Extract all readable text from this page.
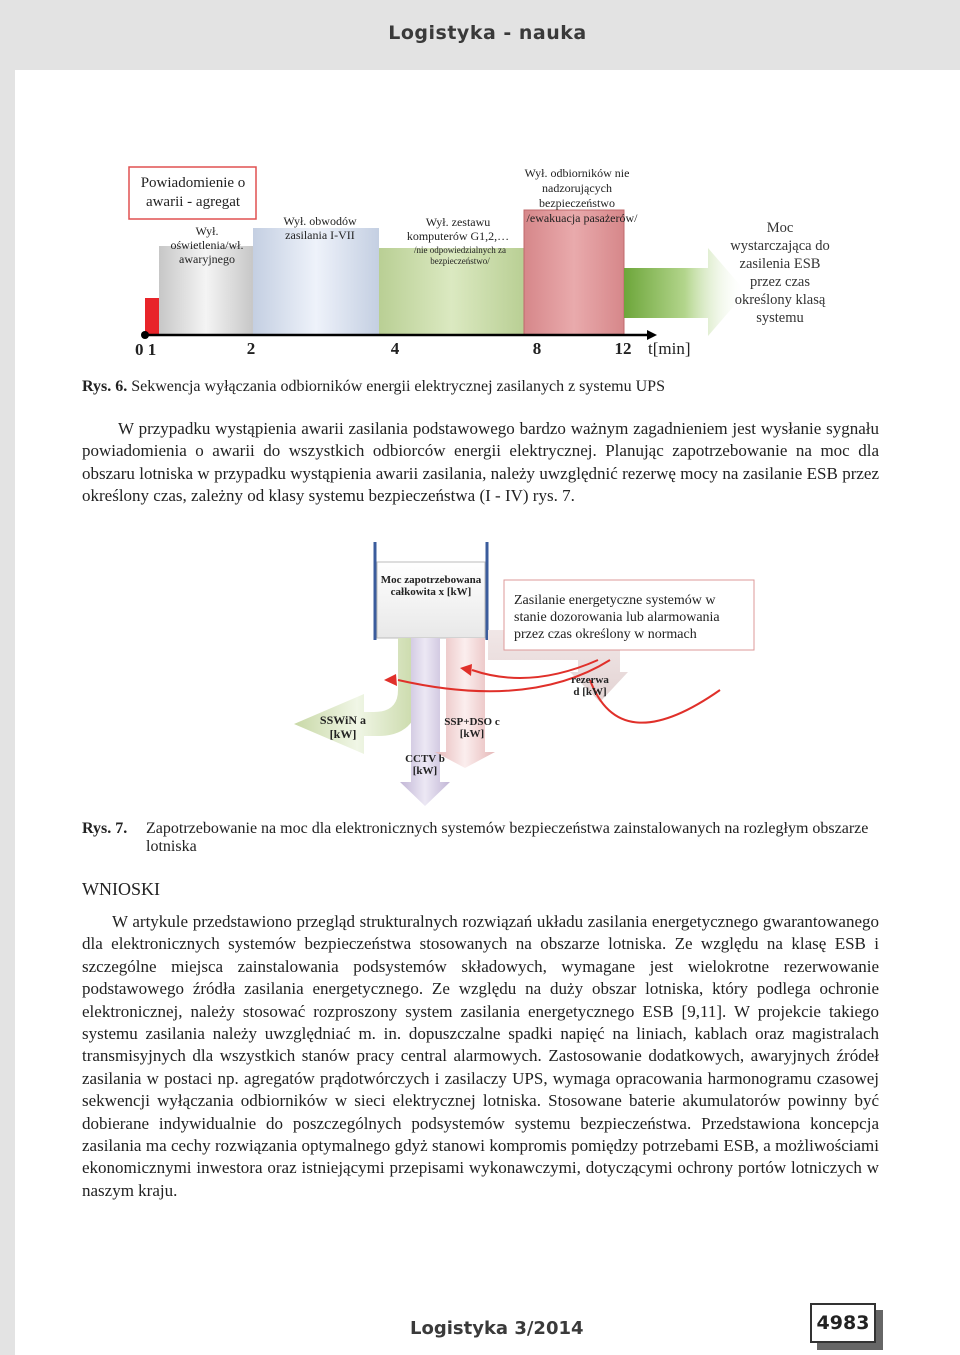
Logistyka - nauka
Powiadomienie o awarii - agregat
Wył. oświetlenia/wł. awaryjnego
Wył. obwodów zasilania I-VII
Wył. zestawu komputerów G1,2,…
/nie odpowiedzialnych za bezpieczeństwo/
Wył. odbiorników nie nadzorujących bezpieczeństwo
/ewakuacja pasażerów/
Moc wystarczająca do zasilenia ESB przez czas określony klasą systemu
0 1	2	4	8	12 t[min]
Rys. 6. Sekwencja wyłączania odbiorników energii elektrycznej zasilanych z systemu UPS
W przypadku wystąpienia awarii zasilania podstawowego bardzo ważnym zagadnieniem jest wysłanie sygnału powiadomienia o awarii do wszystkich odbiorców energii elektrycznej. Planując zapotrzebowanie na moc dla obszaru lotniska w przypadku wystąpienia awarii zasilania, należy uwzględnić rezerwę mocy na zasilanie ESB przez określony czas, zależny od klasy systemu bezpieczeństwa (I - IV) rys. 7.
Moc zapotrzebowana całkowita x [kW]
Zasilanie energetyczne systemów w stanie dozorowania lub alarmowania przez czas określony w normach
rezerwa d [kW]
SSWiN a [kW]
CCTV b [kW]
SSP+DSO c [kW]
Rys. 7. Zapotrzebowanie na moc dla elektronicznych systemów bezpieczeństwa zainstalowanych na rozległym obszarze lotniska
WNIOSKI
W artykule przedstawiono przegląd strukturalnych rozwiązań układu zasilania energetycznego gwarantowanego dla elektronicznych systemów bezpieczeństwa stosowanych na obszarze lotniska. Ze względu na klasę ESB i szczególne miejsca zainstalowania podsystemów składowych, wymagane jest wielokrotne rezerwowanie podstawowego źródła zasilania energetycznego. Ze względu na duży obszar lotniska, który podlega ochronie elektronicznej, należy stosować rozproszony system zasilania energetycznego ESB [9,11]. W projekcie takiego systemu zasilania należy uwzględniać m. in. dopuszczalne spadki napięć na liniach, kablach oraz magistralach transmisyjnych dla wszystkich stanów pracy central alarmowych. Zastosowanie dodatkowych, awaryjnych źródeł zasilania w postaci np. agregatów prądotwórczych i zasilaczy UPS, wymaga opracowania harmonogramu czasowej sekwencji wyłączania odbiorników w sieci elektrycznej lotniska. Stosowane baterie akumulatorów powinny być dobierane indywidualnie do poszczególnych podsystemów systemu bezpieczeństwa. Przedstawiona koncepcja zasilania ma cechy rozwiązania optymalnego gdyż stanowi kompromis pomiędzy potrzebami ESB, a możliwościami ekonomicznymi inwestora oraz istniejącymi przepisami wykonawczymi, dotyczącymi ochrony portów lotniczych w naszym kraju.
Logistyka 3/2014	4983
